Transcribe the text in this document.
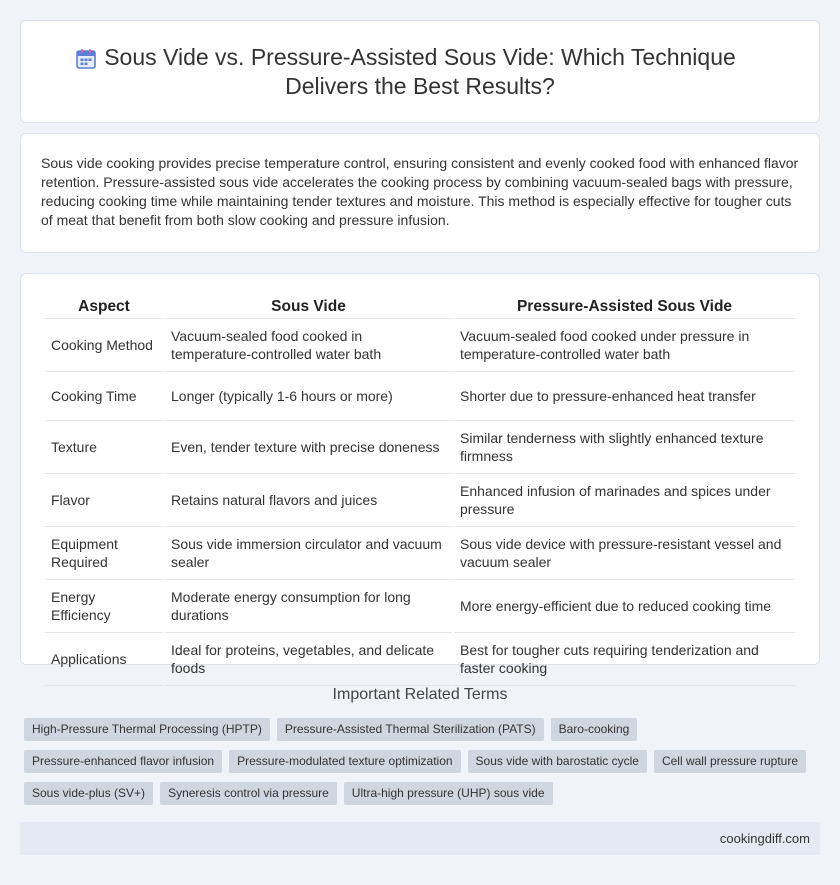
Sous Vide vs. Pressure-Assisted Sous Vide: Which Technique Delivers the Best Results?

Sous vide cooking provides precise temperature control, ensuring consistent and evenly cooked food with enhanced flavor retention. Pressure-assisted sous vide accelerates the cooking process by combining vacuum-sealed bags with pressure, reducing cooking time while maintaining tender textures and moisture. This method is especially effective for tougher cuts of meat that benefit from both slow cooking and pressure infusion.

Aspect	Sous Vide	Pressure-Assisted Sous Vide
Cooking Method	Vacuum-sealed food cooked in temperature-controlled water bath	Vacuum-sealed food cooked under pressure in temperature-controlled water bath
Cooking Time	Longer (typically 1-6 hours or more)	Shorter due to pressure-enhanced heat transfer
Texture	Even, tender texture with precise doneness	Similar tenderness with slightly enhanced texture firmness
Flavor	Retains natural flavors and juices	Enhanced infusion of marinades and spices under pressure
Equipment Required	Sous vide immersion circulator and vacuum sealer	Sous vide device with pressure-resistant vessel and vacuum sealer
Energy Efficiency	Moderate energy consumption for long durations	More energy-efficient due to reduced cooking time
Applications	Ideal for proteins, vegetables, and delicate foods	Best for tougher cuts requiring tenderization and faster cooking
Important Related Terms
High-Pressure Thermal Processing (HPTP)	Pressure-Assisted Thermal Sterilization (PATS)	Baro-cooking
Pressure-enhanced flavor infusion	Pressure-modulated texture optimization	Sous vide with barostatic cycle	Cell wall pressure rupture
Sous vide-plus (SV+)	Syneresis control via pressure	Ultra-high pressure (UHP) sous vide
cookingdiff.com
